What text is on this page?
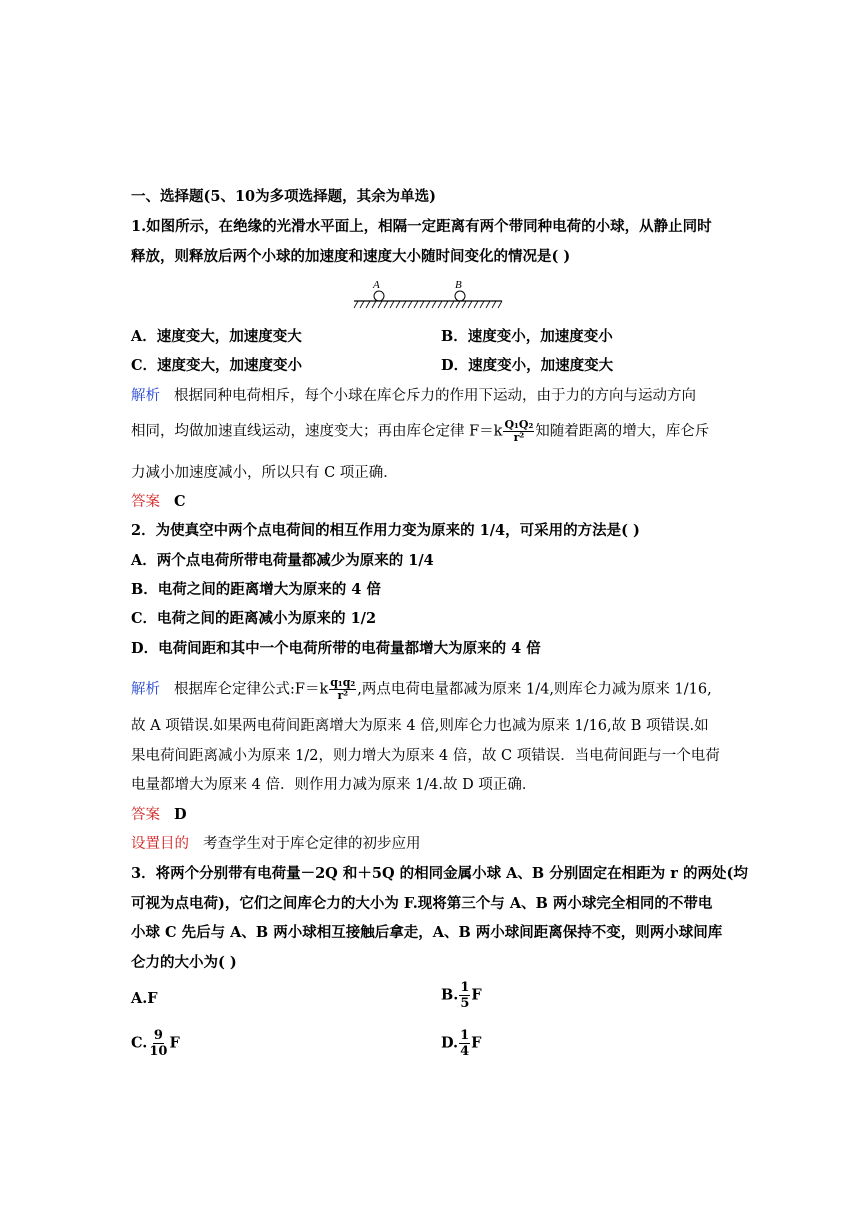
一、选择题(5、10为多项选择题，其余为单选)
1.如图所示，在绝缘的光滑水平面上，相隔一定距离有两个带同种电荷的小球，从静止同时
释放，则释放后两个小球的加速度和速度大小随时间变化的情况是( )
A	B
A．速度变大，加速度变大	B．速度变小，加速度变小
C．速度变大，加速度变小	D．速度变小，加速度变大
解析 根据同种电荷相斥，每个小球在库仑斥力的作用下运动，由于力的方向与运动方向
相同，均做加速直线运动，速度变大；再由库仑定律 $F=k \frac{\text{Q₁Q₂}}{\text{r²}}$ 知随着距离的增大，库仑斥
力减小加速度减小，所以只有 C 项正确．
答案 C
2．为使真空中两个点电荷间的相互作用力变为原来的 1/4，可采用的方法是( )
A．两个点电荷所带电荷量都减少为原来的 1/4
B．电荷之间的距离增大为原来的 4 倍
C．电荷之间的距离减小为原来的 1/2
D．电荷间距和其中一个电荷所带的电荷量都增大为原来的 4 倍
解析 根据库仑定律公式:F＝k $\frac{\text{q₁q₂}}{\text{r²}}$ ,两点电荷电量都减为原来 1/4,则库仑力减为原来 1/16,
故 A 项错误.如果两电荷间距离增大为原来 4 倍,则库仑力也减为原来 1/16,故 B 项错误.如
果电荷间距离减小为原来 1/2，则力增大为原来 4 倍，故 C 项错误．当电荷间距与一个电荷
电量都增大为原来 4 倍．则作用力减为原来 1/4.故 D 项正确．
答案 D
设置目的 考查学生对于库仑定律的初步应用
3．将两个分别带有电荷量－2Q 和＋5Q 的相同金属小球 A、B 分别固定在相距为 r 的两处(均
可视为点电荷)，它们之间库仑力的大小为 F.现将第三个与 A、B 两小球完全相同的不带电
小球 C 先后与 A、B 两小球相互接触后拿走，A、B 两小球间距离保持不变，则两小球间库
仑力的大小为( )
A.F	B. $\frac{1}{5}$ F
C. $\frac{9}{10}$ F	D. $\frac{1}{4}$ F
